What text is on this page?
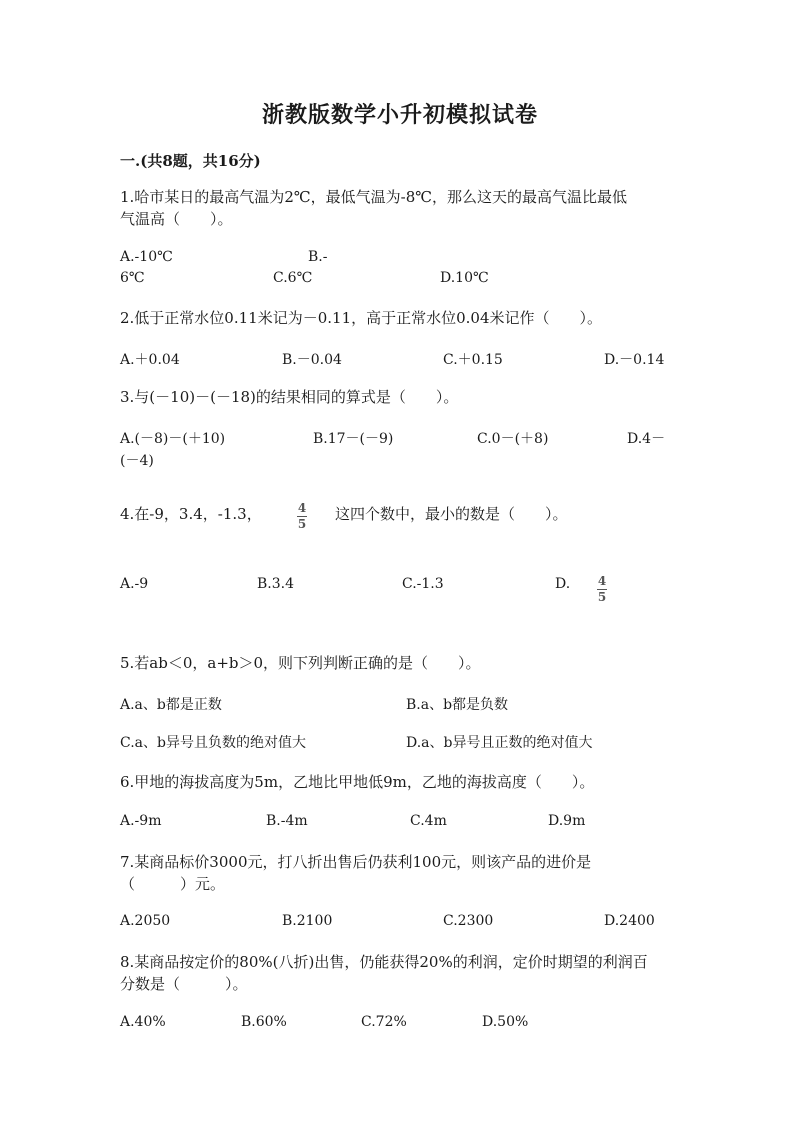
浙教版数学小升初模拟试卷
一.(共8题，共16分)
1.哈市某日的最高气温为2℃，最低气温为-8℃，那么这天的最高气温比最低
气温高（　　）。
A.-10℃	B.-
6℃	C.6℃	D.10℃
2.低于正常水位0.11米记为－0.11，高于正常水位0.04米记作（　　）。
A.＋0.04	B.－0.04	C.＋0.15	D.－0.14
3.与(－10)－(－18)的结果相同的算式是（　　）。
A.(－8)－(＋10)	B.17－(－9)	C.0－(＋8)	D.4－
(－4)
4.在-9，3.4，-1.3，	$\frac{4}{5}$ 这四个数中，最小的数是（　　）。
A.-9	B.3.4	C.-1.3	D. $\frac{4}{5}$
5.若ab＜0，a+b＞0，则下列判断正确的是（　　）。
A.a、b都是正数	B.a、b都是负数
C.a、b异号且负数的绝对值大	D.a、b异号且正数的绝对值大
6.甲地的海拔高度为5m，乙地比甲地低9m，乙地的海拔高度（　　）。
A.-9m	B.-4m	C.4m	D.9m
7.某商品标价3000元，打八折出售后仍获利100元，则该产品的进价是
（　　　）元。
A.2050	B.2100	C.2300	D.2400
8.某商品按定价的80%(八折)出售，仍能获得20%的利润，定价时期望的利润百
分数是（　　　）。
A.40%	B.60%	C.72%	D.50%
